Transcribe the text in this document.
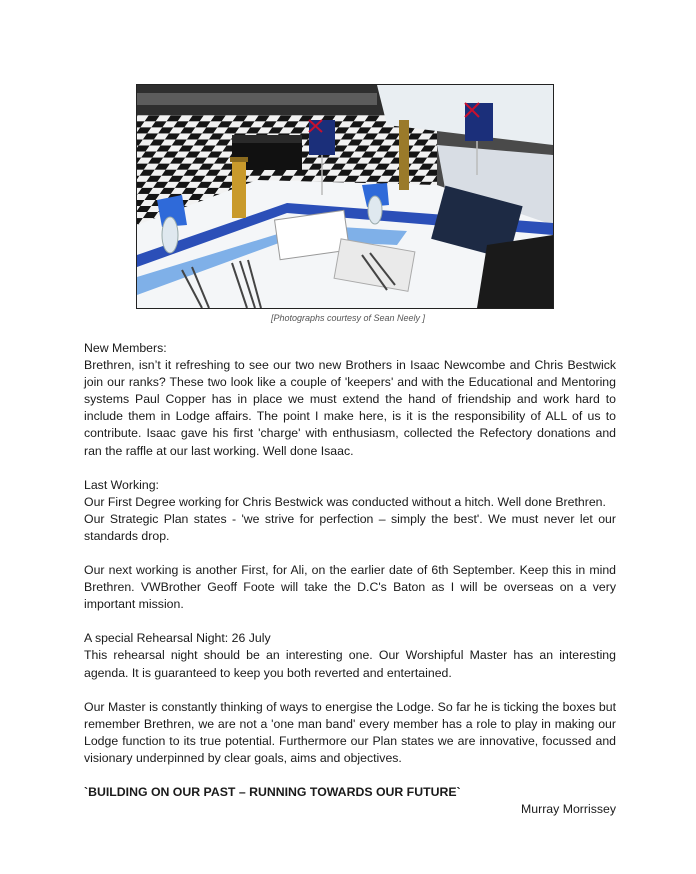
[Photographs courtesy of Sean Neely ]

New Members:

Brethren, isn’t it refreshing to see our two new Brothers in Isaac Newcombe and Chris Bestwick join our ranks? These two look like a couple of 'keepers' and with the Educational and Mentoring systems Paul Copper has in place we must extend the hand of friendship and work hard to include them in Lodge affairs. The point I make here, is it is the responsibility of ALL of us to contribute. Isaac gave his first 'charge' with enthusiasm, collected the Refectory donations and ran the raffle at our last working. Well done Isaac.

Last Working:

Our First Degree working for Chris Bestwick was conducted without a hitch. Well done Brethren.

Our Strategic Plan states - 'we strive for perfection – simply the best'. We must never let our standards drop.

Our next working is another First, for Ali, on the earlier date of 6th September. Keep this in mind Brethren. VWBrother Geoff Foote will take the D.C's Baton as I will be overseas on a very important mission.

A special Rehearsal Night: 26 July

This rehearsal night should be an interesting one. Our Worshipful Master has an interesting agenda. It is guaranteed to keep you both reverted and entertained.

Our Master is constantly thinking of ways to energise the Lodge. So far he is ticking the boxes but remember Brethren, we are not a 'one man band' every member has a role to play in making our Lodge function to its true potential. Furthermore our Plan states we are innovative, focussed and visionary underpinned by clear goals, aims and objectives.

`BUILDING ON OUR PAST – RUNNING TOWARDS OUR FUTURE`

Murray Morrissey
